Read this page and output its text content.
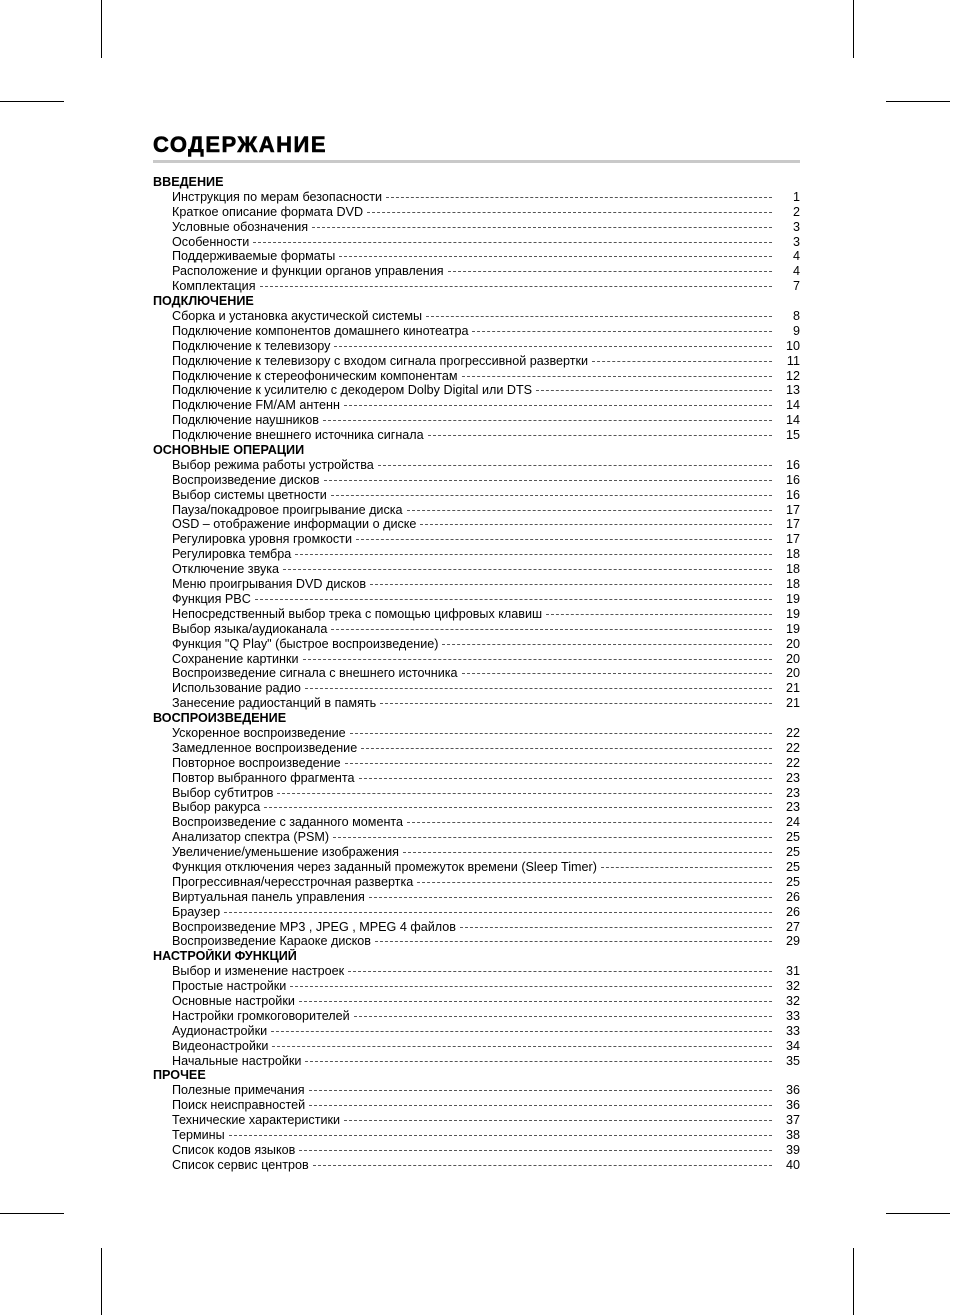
СОДЕРЖАНИЕ
ВВЕДЕНИЕ
Инструкция по мерам безопасности	1
Краткое описание формата DVD	2
Условные обозначения	3
Особенности	3
Поддерживаемые форматы	4
Расположение и функции органов управления	4
Комплектация	7
ПОДКЛЮЧЕНИЕ
Сборка и установка акустической системы	8
Подключение компонентов домашнего кинотеатра	9
Подключение к телевизору	10
Подключение к телевизору с входом сигнала прогрессивной развертки	11
Подключение к стереофоническим компонентам	12
Подключение к усилителю с декодером Dolby Digital или DTS	13
Подключение FM/AM антенн	14
Подключение наушников	14
Подключение внешнего источника сигнала	15
ОСНОВНЫЕ ОПЕРАЦИИ
Выбор режима работы устройства	16
Воспроизведение дисков	16
Выбор системы цветности	16
Пауза/покадровое проигрывание диска	17
OSD – отображение информации о диске	17
Регулировка уровня громкости	17
Регулировка тембра	18
Отключение звука	18
Меню проигрывания DVD дисков	18
Функция PBC	19
Непосредственный выбор трека с помощью цифровых клавиш	19
Выбор языка/аудиоканала	19
Функция "Q Play" (быстрое воспроизведение)	20
Сохранение картинки	20
Воспроизведение сигнала с внешнего источника	20
Использование радио	21
Занесение радиостанций в память	21
ВОСПРОИЗВЕДЕНИЕ
Ускоренное воспроизведение	22
Замедленное воспроизведение	22
Повторное воспроизведение	22
Повтор выбранного фрагмента	23
Выбор субтитров	23
Выбор ракурса	23
Воспроизведение с заданного момента	24
Анализатор спектра (PSM)	25
Увеличение/уменьшение изображения	25
Функция отключения через заданный промежуток времени (Sleep Timer)	25
Прогрессивная/чересстрочная развертка	25
Виртуальная панель управления	26
Браузер	26
Воспроизведение MP3 , JPEG , MPEG 4 файлов	27
Воспроизведение Караоке дисков	29
НАСТРОЙКИ ФУНКЦИЙ
Выбор и изменение настроек	31
Простые настройки	32
Основные настройки	32
Настройки громкоговорителей	33
Аудионастройки	33
Видеонастройки	34
Начальные настройки	35
ПРОЧЕЕ
Полезные примечания	36
Поиск неисправностей	36
Технические характеристики	37
Термины	38
Список кодов языков	39
Список сервис центров	40
